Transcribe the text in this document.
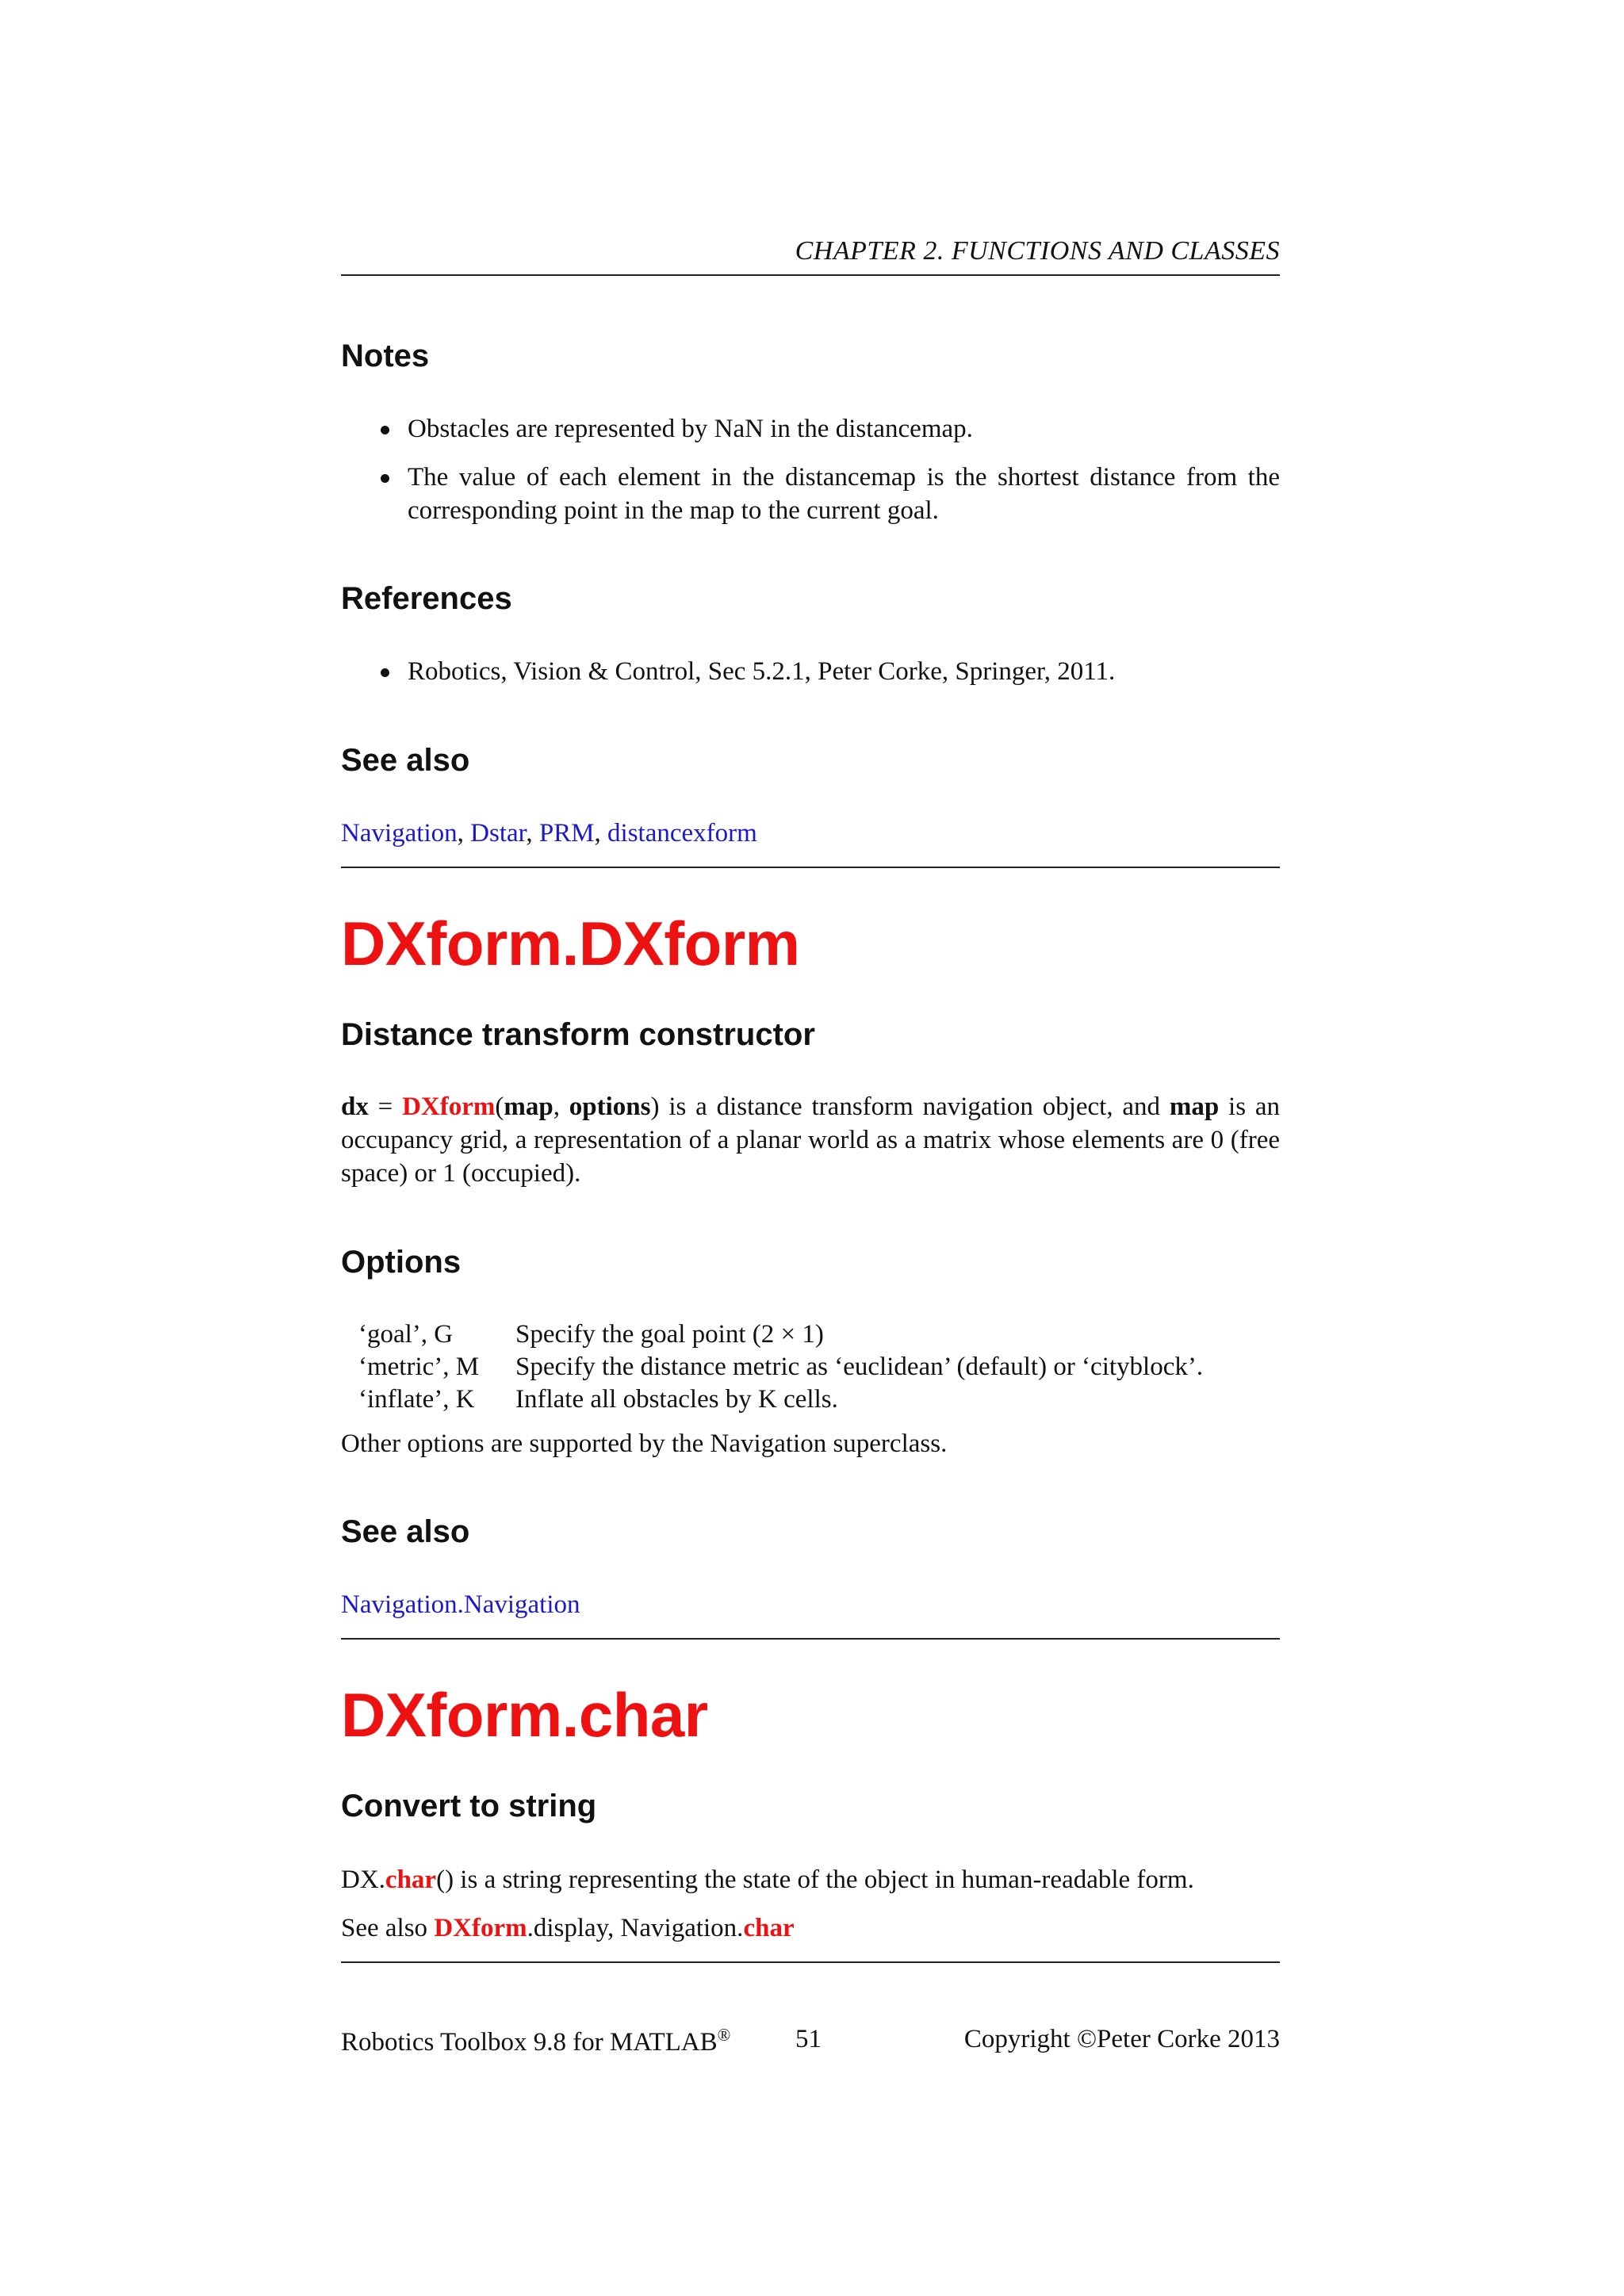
CHAPTER 2. FUNCTIONS AND CLASSES
Notes
Obstacles are represented by NaN in the distancemap.
The value of each element in the distancemap is the shortest distance from the corresponding point in the map to the current goal.
References
Robotics, Vision & Control, Sec 5.2.1, Peter Corke, Springer, 2011.
See also
Navigation, Dstar, PRM, distancexform
DXform.DXform
Distance transform constructor
dx = DXform(map, options) is a distance transform navigation object, and map is an occupancy grid, a representation of a planar world as a matrix whose elements are 0 (free space) or 1 (occupied).
Options
‘goal’, G	Specify the goal point (2 × 1)
‘metric’, M	Specify the distance metric as ‘euclidean’ (default) or ‘cityblock’.
‘inflate’, K	Inflate all obstacles by K cells.
Other options are supported by the Navigation superclass.
See also
Navigation.Navigation
DXform.char
Convert to string
DX.char() is a string representing the state of the object in human-readable form.
See also DXform.display, Navigation.char
Robotics Toolbox 9.8 for MATLAB® 51	Copyright ©Peter Corke 2013
